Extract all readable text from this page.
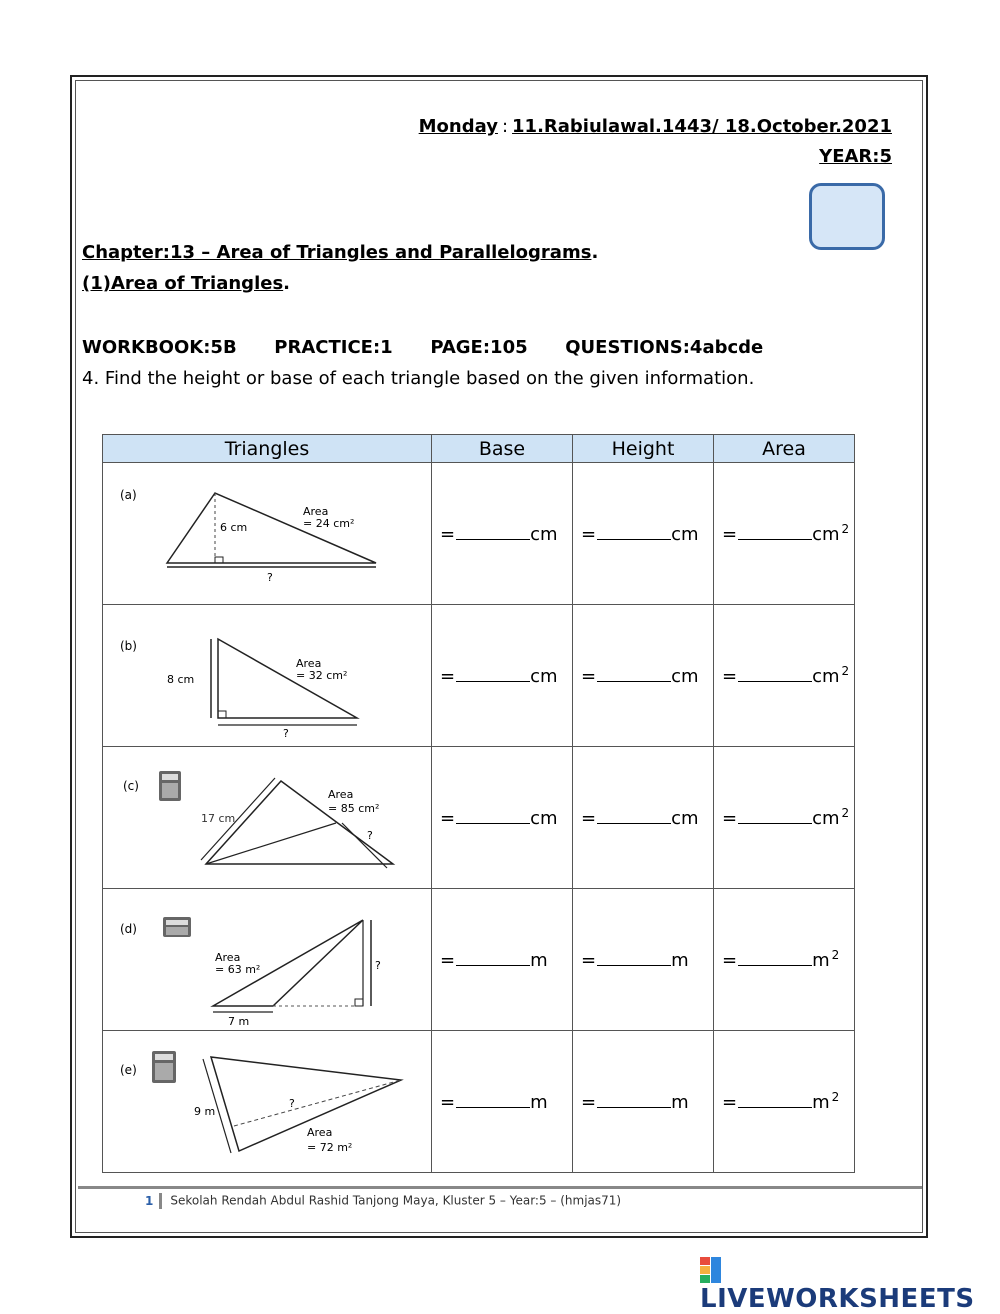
Monday : 11.Rabiulawal.1443/ 18.October.2021
YEAR:5
Chapter:13 – Area of Triangles and Parallelograms.
(1)Area of Triangles.
WORKBOOK:5B PRACTICE:1 PAGE:105 QUESTIONS:4abcde
4. Find the height or base of each triangle based on the given information.
Triangles	Base	Height	Area

(a)
6 cm
Area
= 24 cm²
?	= cm	= cm	= cm $^2$

(b)
8 cm
Area
= 32 cm²
?	= cm	= cm	= cm $^2$

(c)
17 cm
Area
= 85 cm²
?	= cm	= cm	= cm $^2$

(d)
Area
= 63 m²
7 m
?	= m	= m	= m $^2$

(e)
9 m
Area
= 72 m²
?	= m	= m	= m $^2$
1 Sekolah Rendah Abdul Rashid Tanjong Maya, Kluster 5 – Year:5 – (hmjas71)
LIVEWORKSHEETS
